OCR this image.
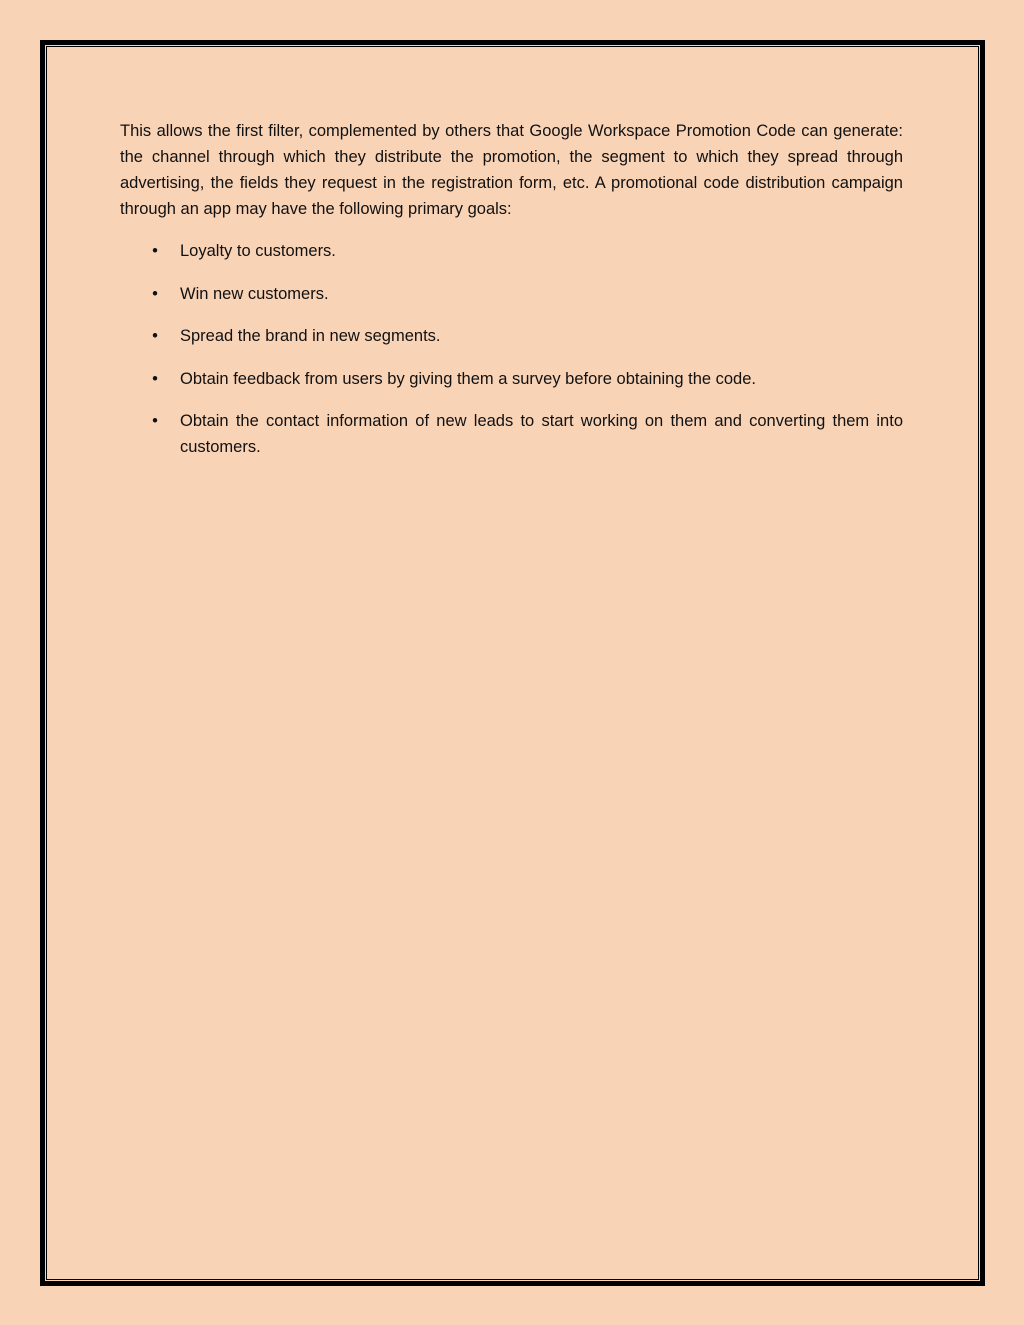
This allows the first filter, complemented by others that Google Workspace Promotion Code can generate: the channel through which they distribute the promotion, the segment to which they spread through advertising, the fields they request in the registration form, etc. A promotional code distribution campaign through an app may have the following primary goals:

• Loyalty to customers.
• Win new customers.
• Spread the brand in new segments.
• Obtain feedback from users by giving them a survey before obtaining the code.
• Obtain the contact information of new leads to start working on them and converting them into customers.
